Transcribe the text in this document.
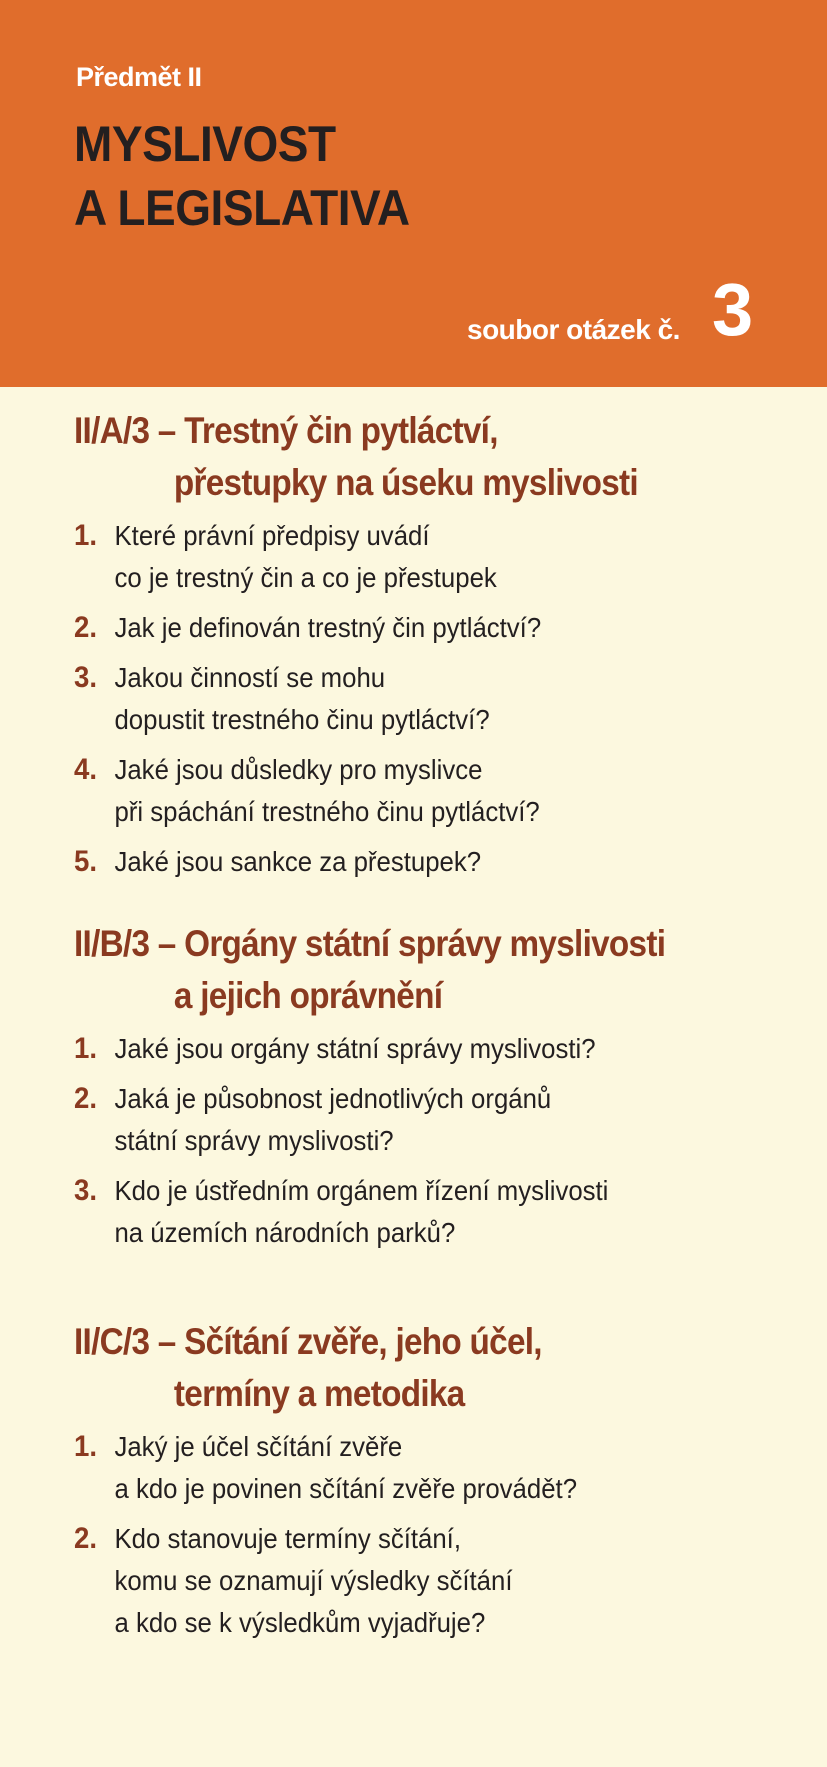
Předmět II
MYSLIVOST
A LEGISLATIVA
soubor otázek č. 3
II/A/3 – Trestný čin pytláctví,
přestupky na úseku myslivosti
1 . Které právní předpisy uvádí
co je trestný čin a co je přestupek
2 . Jak je definován trestný čin pytláctví?
3 . Jakou činností se mohu
dopustit trestného činu pytláctví?
4 . Jaké jsou důsledky pro myslivce
při spáchání trestného činu pytláctví?
5 . Jaké jsou sankce za přestupek?
II/B/3 – Orgány státní správy myslivosti
a jejich oprávnění
1 . Jaké jsou orgány státní správy myslivosti?
2 . Jaká je působnost jednotlivých orgánů
státní správy myslivosti?
3 . Kdo je ústředním orgánem řízení myslivosti
na územích národních parků?
II/C/3 – Sčítání zvěře, jeho účel,
termíny a metodika
1 . Jaký je účel sčítání zvěře
a kdo je povinen sčítání zvěře provádět?
2 . Kdo stanovuje termíny sčítání,
komu se oznamují výsledky sčítání
a kdo se k výsledkům vyjadřuje?
